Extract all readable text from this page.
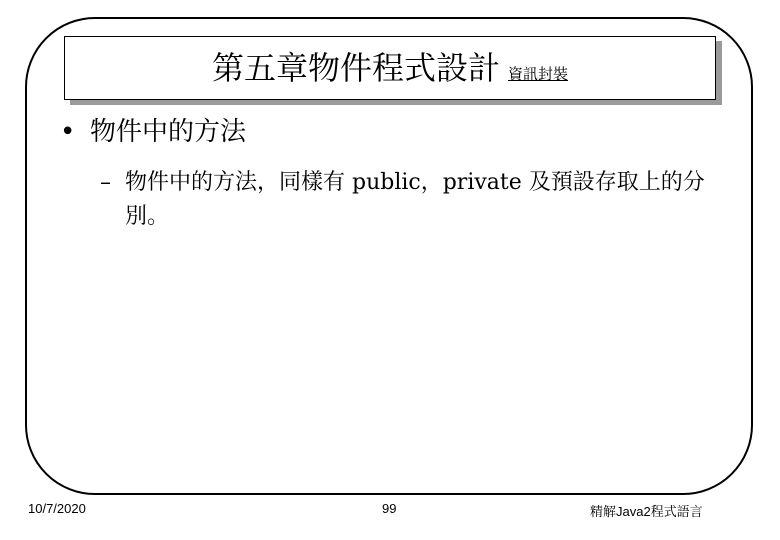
第五章物件程式設計 資訊封裝
• 物件中的方法
– 物件中的方法，同樣有 public，private 及預設存取上的分別。
10/7/2020	99	精解Java2程式語言
